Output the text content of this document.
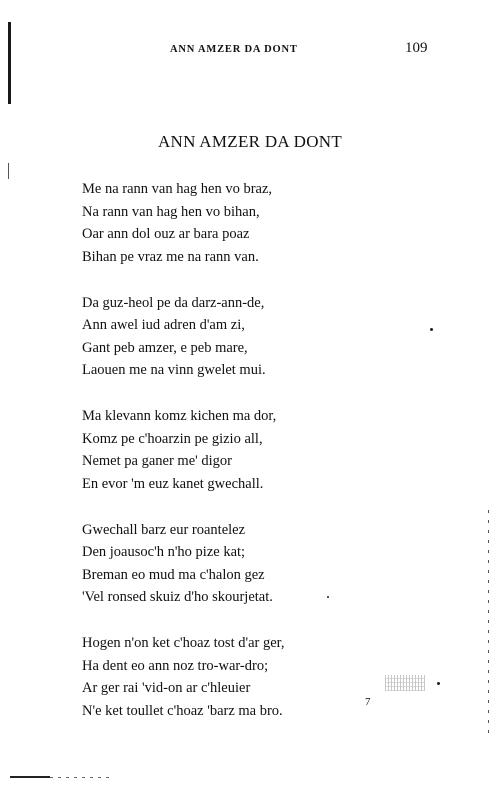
ANN AMZER DA DONT	109
ANN AMZER DA DONT
Me na rann van hag hen vo braz,
Na rann van hag hen vo bihan,
Oar ann dol ouz ar bara poaz
Bihan pe vraz me na rann van.
Da guz-heol pe da darz-ann-de,
Ann awel iud adren d'am zi,
Gant peb amzer, e peb mare,
Laouen me na vinn gwelet mui.
Ma klevann komz kichen ma dor,
Komz pe c'hoarzin pe gizio all,
Nemet pa ganer me' digor
En evor 'm euz kanet gwechall.
Gwechall barz eur roantelez
Den joausoc'h n'ho pize kat;
Breman eo mud ma c'halon gez
'Vel ronsed skuiz d'ho skourjetat.
Hogen n'on ket c'hoaz tost d'ar ger,
Ha dent eo ann noz tro-war-dro;
Ar ger rai 'vid-on ar c'hleuier
N'e ket toullet c'hoaz 'barz ma bro.
7
